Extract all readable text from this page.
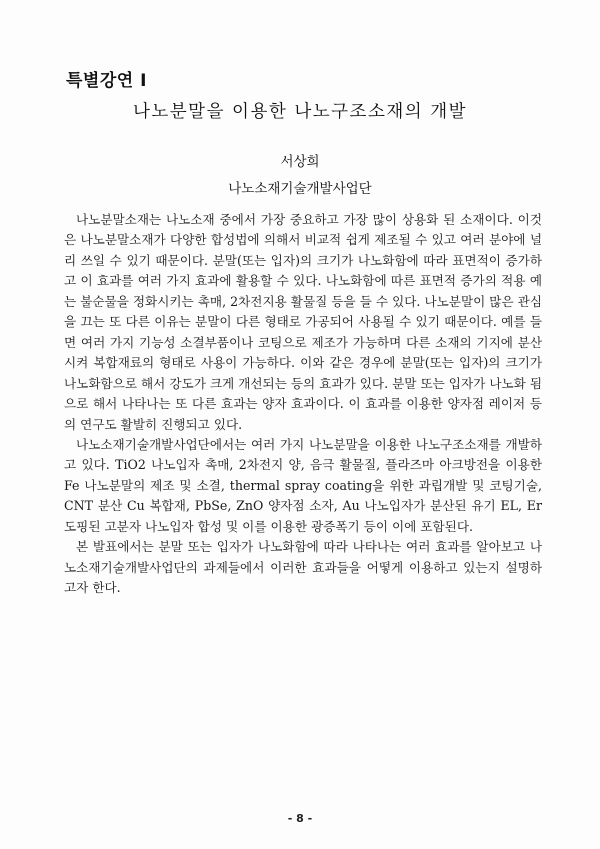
특별강연 I
나노분말을 이용한 나노구조소재의 개발
서상희
나노소재기술개발사업단

나노분말소재는 나노소재 중에서 가장 중요하고 가장 많이 상용화 된 소재이다. 이것은 나노분말소재가 다양한 합성법에 의해서 비교적 쉽게 제조될 수 있고 여러 분야에 널리 쓰일 수 있기 때문이다. 분말(또는 입자)의 크기가 나노화함에 따라 표면적이 증가하고 이 효과를 여러 가지 효과에 활용할 수 있다. 나노화함에 따른 표면적 증가의 적용 예는 불순물을 정화시키는 촉매, 2차전지용 활물질 등을 들 수 있다. 나노분말이 많은 관심을 끄는 또 다른 이유는 분말이 다른 형태로 가공되어 사용될 수 있기 때문이다. 예를 들면 여러 가지 기능성 소결부품이나 코팅으로 제조가 가능하며 다른 소재의 기지에 분산시켜 복합재료의 형태로 사용이 가능하다. 이와 같은 경우에 분말(또는 입자)의 크기가 나노화함으로 해서 강도가 크게 개선되는 등의 효과가 있다. 분말 또는 입자가 나노화 됨으로 해서 나타나는 또 다른 효과는 양자 효과이다. 이 효과를 이용한 양자점 레이저 등의 연구도 활발히 진행되고 있다.

나노소재기술개발사업단에서는 여러 가지 나노분말을 이용한 나노구조소재를 개발하고 있다. TiO2 나노입자 촉매, 2차전지 양, 음극 활물질, 플라즈마 아크방전을 이용한 Fe 나노분말의 제조 및 소결, thermal spray coating을 위한 과립개발 및 코팅기술, CNT 분산 Cu 복합재, PbSe, ZnO 양자점 소자, Au 나노입자가 분산된 유기 EL, Er 도핑된 고분자 나노입자 합성 및 이를 이용한 광증폭기 등이 이에 포함된다.

본 발표에서는 분말 또는 입자가 나노화함에 따라 나타나는 여러 효과를 알아보고 나노소재기술개발사업단의 과제들에서 이러한 효과들을 어떻게 이용하고 있는지 설명하고자 한다.

- 8 -
